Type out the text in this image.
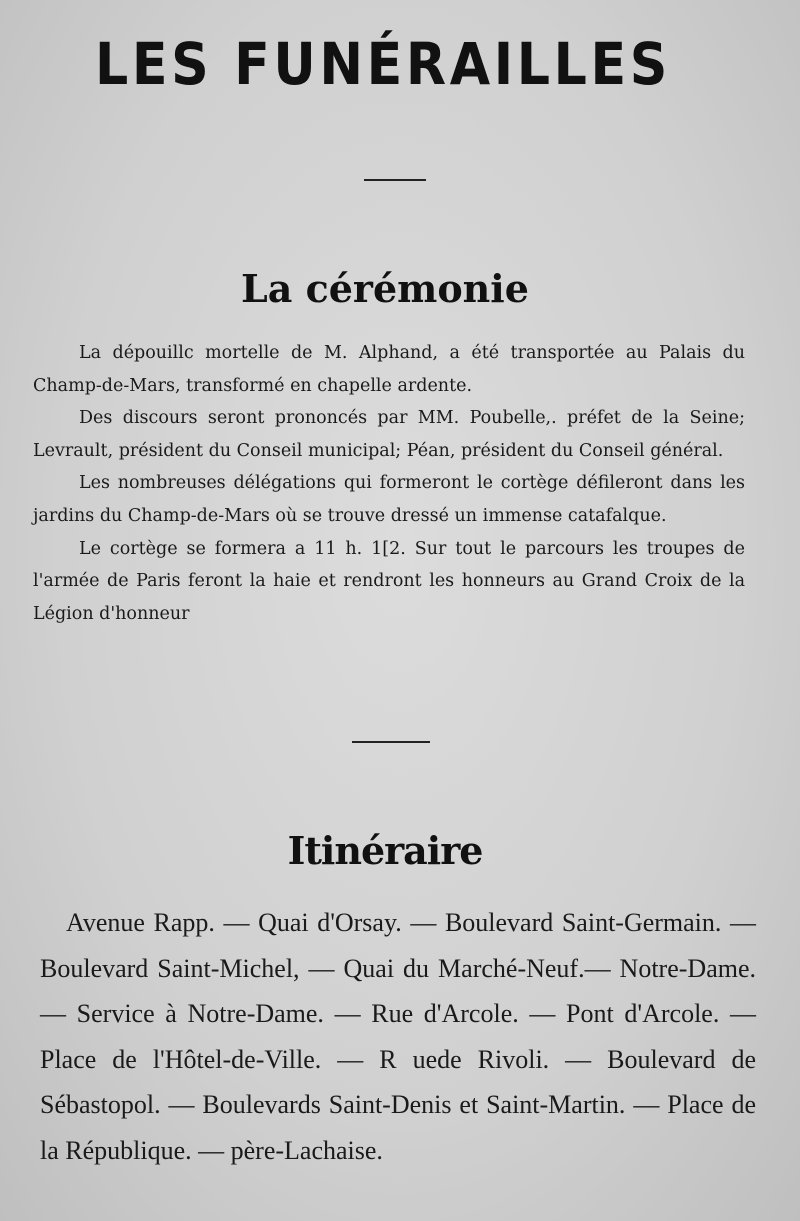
LES FUNÉRAILLES
La cérémonie

La dépouillc mortelle de M. Alphand, a été transportée au Palais du Champ-de-Mars, transformé en chapelle ardente.

Des discours seront prononcés par MM. Poubelle,. préfet de la Seine; Levrault, président du Conseil municipal; Péan, président du Conseil général.

Les nombreuses délégations qui formeront le cortège défileront dans les jardins du Champ-de-Mars où se trouve dressé un immense catafalque.

Le cortège se formera a 11 h. 1[2. Sur tout le parcours les troupes de l'armée de Paris feront la haie et rendront les honneurs au Grand Croix de la Légion d'honneur

Itinéraire

Avenue Rapp. — Quai d'Orsay. — Boulevard Saint-Germain. — Boulevard Saint-Michel, — Quai du Marché-Neuf.— Notre-Dame. — Service à Notre-Dame. — Rue d'Arcole. — Pont d'Arcole. — Place de l'Hôtel-de-Ville. — R uede Rivoli. — Boulevard de Sébastopol. — Boulevards Saint-Denis et Saint-Martin. — Place de la République. — père-Lachaise.
